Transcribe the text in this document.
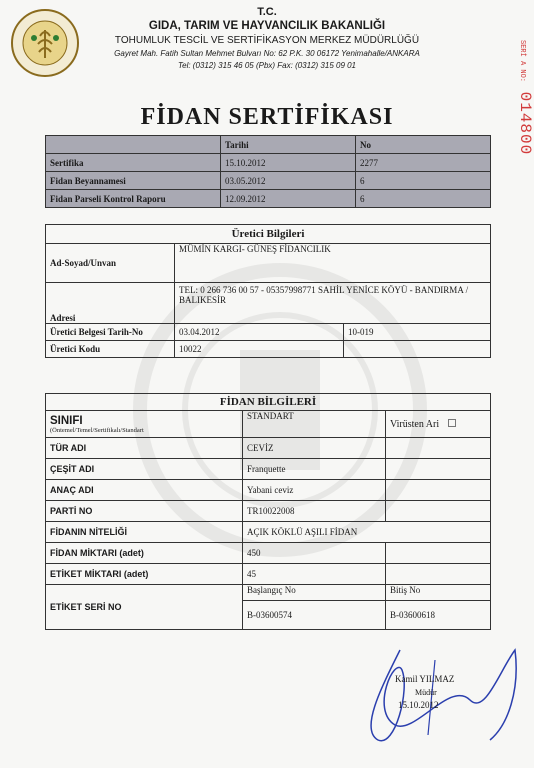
T.C.
GIDA, TARIM VE HAYVANCILIK BAKANLIĞI
TOHUMLUK TESCİL VE SERTİFİKASYON MERKEZ MÜDÜRLÜĞÜ
Gayret Mah. Fatih Sultan Mehmet Bulvarı No: 62 P.K. 30 06172 Yenimahalle/ANKARA
Tel: (0312) 315 46 05 (Pbx) Fax: (0312) 315 09 01	SERİ A NO: 014800
FİDAN SERTİFİKASI
	Tarihi	No
Sertifika	15.10.2012	2277
Fidan Beyannamesi	03.05.2012	6
Fidan Parseli Kontrol Raporu	12.09.2012	6
Üretici Bilgileri		
Ad-Soyad/Unvan	MÜMİN KARGI- GÜNEŞ FİDANCILIK	
Adresi	TEL: 0 266 736 00 57 - 05357998771 SAHİL YENİCE KÖYÜ - BANDIRMA / BALIKESİR	
Üretici Belgesi Tarih-No	03.04.2012	10-019
Üretici Kodu	10022	
FİDAN BİLGİLERİ		

SINIFI
(Öntemel/Temel/Sertifikalı/Standart	STANDART	Virüsten Ari
TÜR ADI	CEVİZ	
ÇEŞİT ADI	Franquette	
ANAÇ ADI	Yabani ceviz	
PARTİ NO	TR10022008	
FİDANIN NİTELİĞİ	AÇIK KÖKLÜ AŞILI FİDAN	
FİDAN MİKTARI (adet)	450	
ETİKET MİKTARI (adet)	45	
ETİKET SERİ NO	Başlangıç No	Bitiş No
	B-03600574	B-03600618
Kamil YILMAZ
Müdür
15.10.2012
